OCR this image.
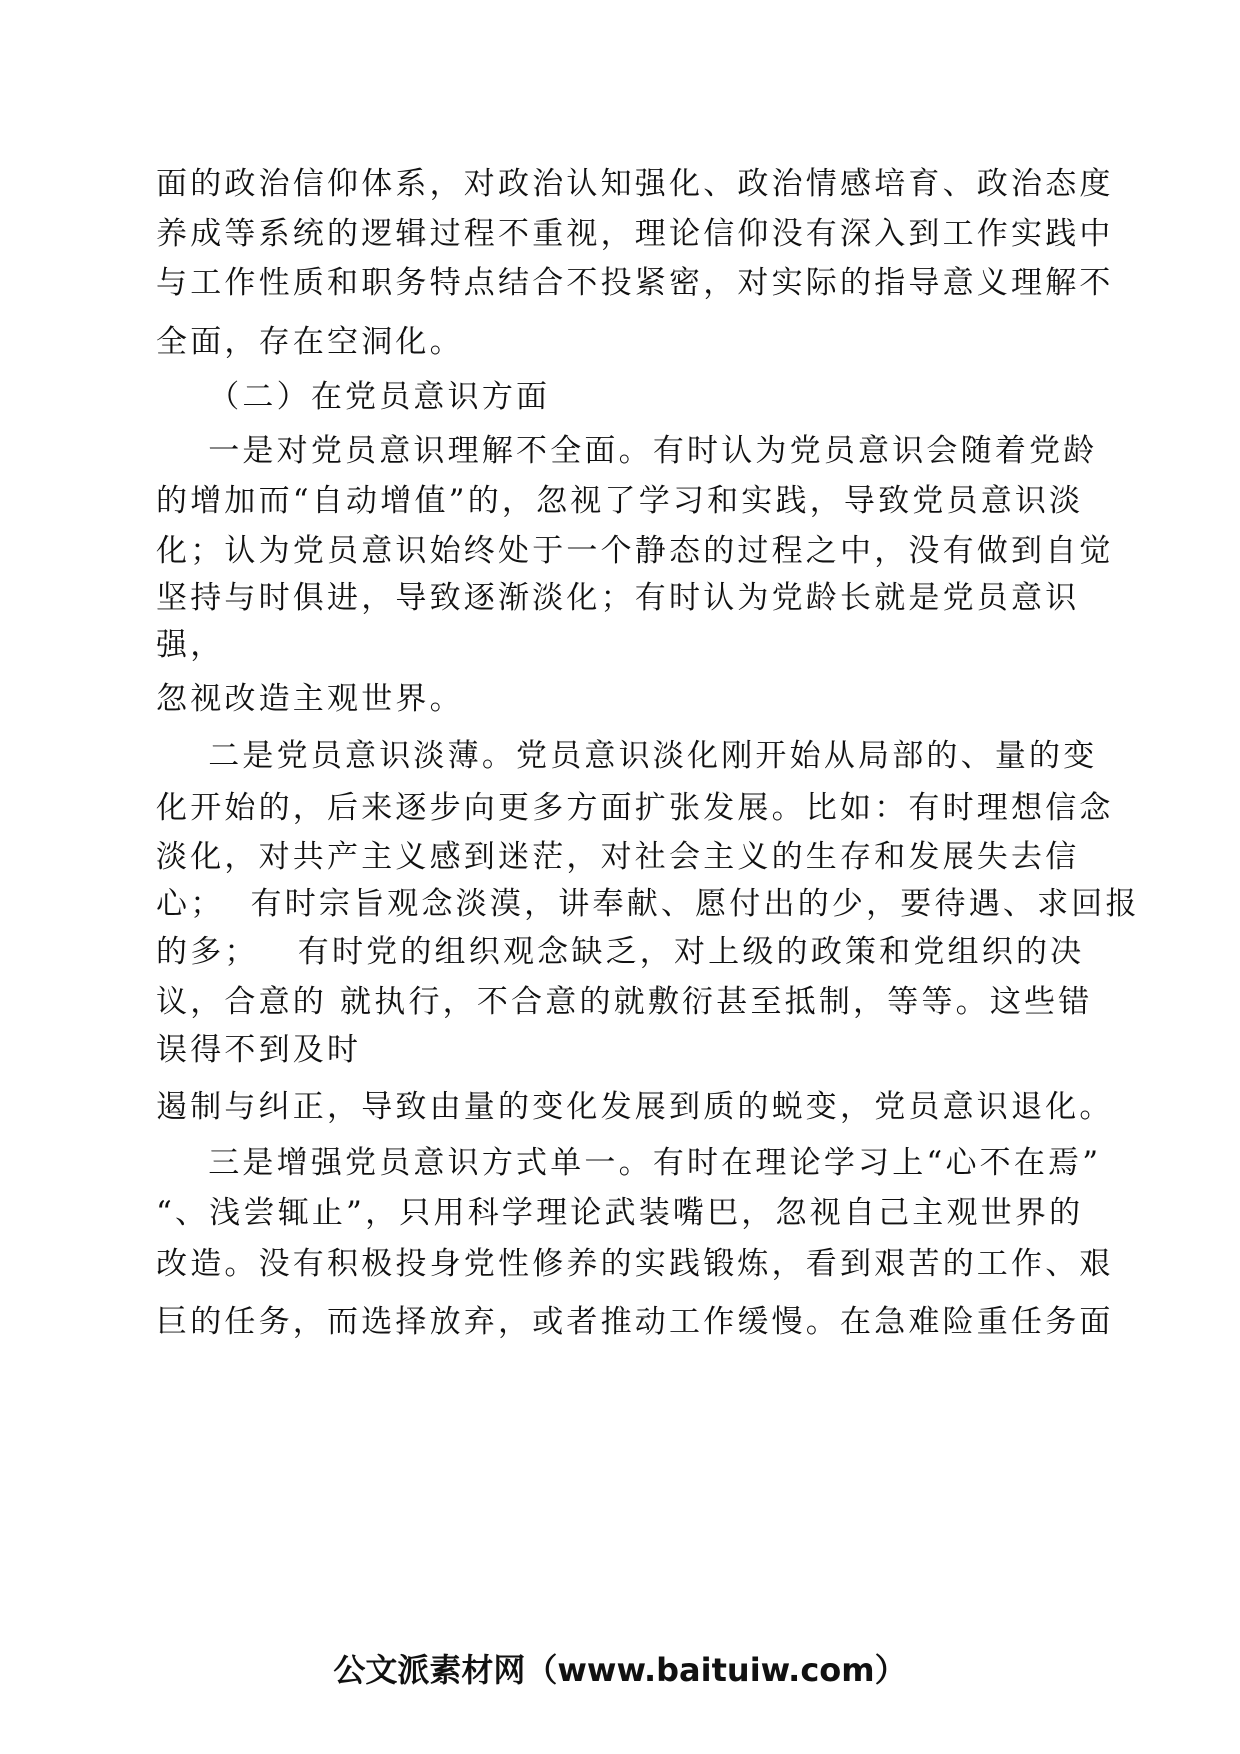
面的政治信仰体系，对政治认知强化、政治情感培育、政治态度
养成等系统的逻辑过程不重视，理论信仰没有深入到工作实践中
与工作性质和职务特点结合不投紧密，对实际的指导意义理解不
全面，存在空洞化。
（二）在党员意识方面
一是对党员意识理解不全面。有时认为党员意识会随着党龄
的增加而“自动增值”的，忽视了学习和实践，导致党员意识淡
化；认为党员意识始终处于一个静态的过程之中，没有做到自觉
坚持与时俱进，导致逐渐淡化；有时认为党龄长就是党员意识
强，
忽视改造主观世界。
二是党员意识淡薄。党员意识淡化刚开始从局部的、量的变
化开始的，后来逐步向更多方面扩张发展。比如：有时理想信念
淡化，对共产主义感到迷茫，对社会主义的生存和发展失去信
心；  有时宗旨观念淡漠，讲奉献、愿付出的少，要待遇、求回报
的多；   有时党的组织观念缺乏，对上级的政策和党组织的决
议，合意的 就执行，不合意的就敷衍甚至抵制，等等。这些错
误得不到及时
遏制与纠正，导致由量的变化发展到质的蜕变，党员意识退化。
三是增强党员意识方式单一。有时在理论学习上“心不在焉”
“、浅尝辄止”，只用科学理论武装嘴巴，忽视自己主观世界的
改造。没有积极投身党性修养的实践锻炼，看到艰苦的工作、艰
巨的任务，而选择放弃，或者推动工作缓慢。在急难险重任务面
公文派素材网（www.baituiw.com）
